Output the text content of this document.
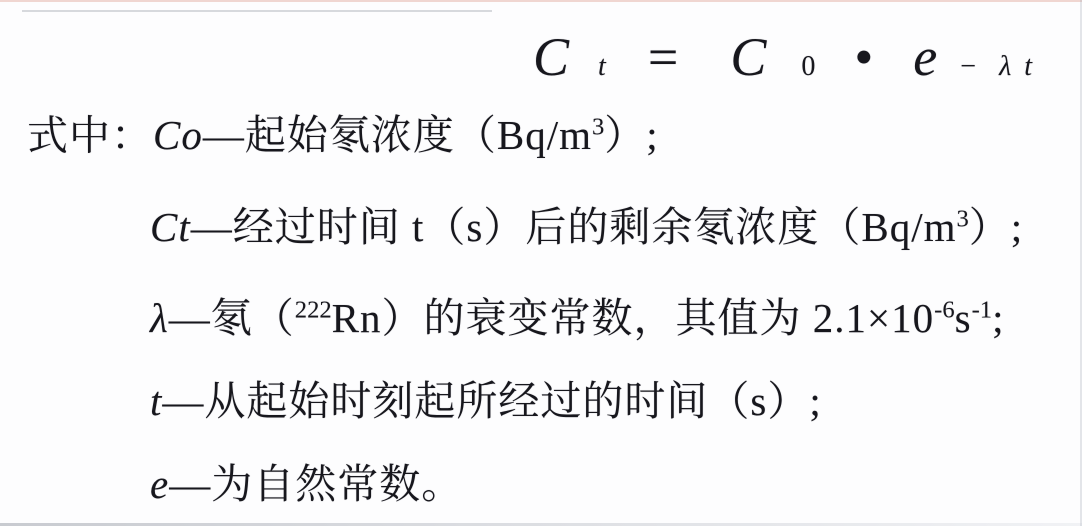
C t = C 0 • e − λ t
式中：Co—起始氡浓度$(Bq/m^3)$;
Ct—经过时间 t（s）后的剩余氡浓度$(Bq/m^3)$;
λ—氡（$^{222}$Rn）的衰变常数，其值为 $2.1\times 10^{-6}s^{-1}$;
t—从起始时刻起所经过的时间（s）;
e—为自然常数。
